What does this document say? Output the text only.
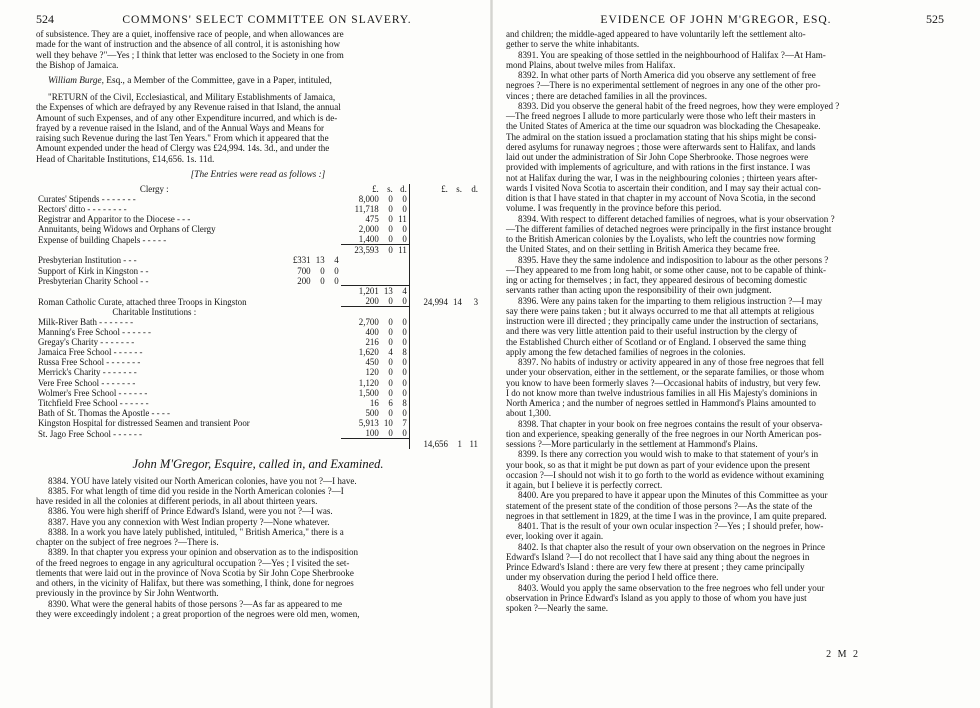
524	COMMONS' SELECT COMMITTEE ON SLAVERY.

of subsistence. They are a quiet, inoffensive race of people, and when allowances are

made for the want of instruction and the absence of all control, it is astonishing how

well they behave ?"—Yes ; I think that letter was enclosed to the Society in one from

the Bishop of Jamaica.

William Burge, Esq., a Member of the Committee, gave in a Paper, intituled,

"RETURN of the Civil, Ecclesiastical, and Military Establishments of Jamaica,

the Expenses of which are defrayed by any Revenue raised in that Island, the annual

Amount of such Expenses, and of any other Expenditure incurred, and which is de-

frayed by a revenue raised in the Island, and of the Annual Ways and Means for

raising such Revenue during the last Ten Years." From which it appeared that the

Amount expended under the head of Clergy was £24,994. 14s. 3d., and under the

Head of Charitable Institutions, £14,656. 1s. 11d.

[The Entries were read as follows :]
Clergy :				£.	s.	d.	£.	s.	d.
Curates' Stipends - - - - - - -				8,000	0	0			
Rectors' ditto - - - - - - - -				11,718	0	0			
Registrar and Apparitor to the Diocese - - -				475	0	11			
Annuitants, being Widows and Orphans of Clergy				2,000	0	0			
Expense of building Chapels - - - - -				1,400	0	0			
				23,593	0	11			
Presbyterian Institution - - -	£331	13	4						
Support of Kirk in Kingston - -	700	0	0						
Presbyterian Charity School - -	200	0	0						
				1,201	13	4			
Roman Catholic Curate, attached three Troops in Kingston				200	0	0	24,994	14	3
Charitable Institutions :									
Milk-River Bath - - - - - - -				2,700	0	0			
Manning's Free School - - - - - -				400	0	0			
Gregay's Charity - - - - - - -				216	0	0			
Jamaica Free School - - - - - -				1,620	4	8			
Russa Free School - - - - - - -				450	0	0			
Merrick's Charity - - - - - - -				120	0	0			
Vere Free School - - - - - - -				1,120	0	0			
Wolmer's Free School - - - - - -				1,500	0	0			
Titchfield Free School - - - - - -				16	6	8			
Bath of St. Thomas the Apostle - - - -				500	0	0			
Kingston Hospital for distressed Seamen and transient Poor				5,913	10	7			
St. Jago Free School - - - - - -				100	0	0			
							14,656	1	11
John M'Gregor, Esquire, called in, and Examined.

8384. YOU have lately visited our North American colonies, have you not ?—I have.

8385. For what length of time did you reside in the North American colonies ?—I

have resided in all the colonies at different periods, in all about thirteen years.

8386. You were high sheriff of Prince Edward's Island, were you not ?—I was.

8387. Have you any connexion with West Indian property ?—None whatever.

8388. In a work you have lately published, intituled, " British America," there is a

chapter on the subject of free negroes ?—There is.

8389. In that chapter you express your opinion and observation as to the indisposition

of the freed negroes to engage in any agricultural occupation ?—Yes ; I visited the set-

tlements that were laid out in the province of Nova Scotia by Sir John Cope Sherbrooke

and others, in the vicinity of Halifax, but there was something, I think, done for negroes

previously in the province by Sir John Wentworth.

8390. What were the general habits of those persons ?—As far as appeared to me

they were exceedingly indolent ; a great proportion of the negroes were old men, women,

EVIDENCE OF JOHN M'GREGOR, ESQ.	525

and children; the middle-aged appeared to have voluntarily left the settlement alto-

gether to serve the white inhabitants.

8391. You are speaking of those settled in the neighbourhood of Halifax ?—At Ham-

mond Plains, about twelve miles from Halifax.

8392. In what other parts of North America did you observe any settlement of free

negroes ?—There is no experimental settlement of negroes in any one of the other pro-

vinces ; there are detached families in all the provinces.

8393. Did you observe the general habit of the freed negroes, how they were employed ?

—The freed negroes I allude to more particularly were those who left their masters in

the United States of America at the time our squadron was blockading the Chesapeake.

The admiral on the station issued a proclamation stating that his ships might be consi-

dered asylums for runaway negroes ; those were afterwards sent to Halifax, and lands

laid out under the administration of Sir John Cope Sherbrooke. Those negroes were

provided with implements of agriculture, and with rations in the first instance. I was

not at Halifax during the war, I was in the neighbouring colonies ; thirteen years after-

wards I visited Nova Scotia to ascertain their condition, and I may say their actual con-

dition is that I have stated in that chapter in my account of Nova Scotia, in the second

volume. I was frequently in the province before this period.

8394. With respect to different detached families of negroes, what is your observation ?

—The different families of detached negroes were principally in the first instance brought

to the British American colonies by the Loyalists, who left the countries now forming

the United States, and on their settling in British America they became free.

8395. Have they the same indolence and indisposition to labour as the other persons ?

—They appeared to me from long habit, or some other cause, not to be capable of think-

ing or acting for themselves ; in fact, they appeared desirous of becoming domestic

servants rather than acting upon the responsibility of their own judgment.

8396. Were any pains taken for the imparting to them religious instruction ?—I may

say there were pains taken ; but it always occurred to me that all attempts at religious

instruction were ill directed ; they principally came under the instruction of sectarians,

and there was very little attention paid to their useful instruction by the clergy of

the Established Church either of Scotland or of England. I observed the same thing

apply among the few detached families of negroes in the colonies.

8397. No habits of industry or activity appeared in any of those free negroes that fell

under your observation, either in the settlement, or the separate families, or those whom

you know to have been formerly slaves ?—Occasional habits of industry, but very few.

I do not know more than twelve industrious families in all His Majesty's dominions in

North America ; and the number of negroes settled in Hammond's Plains amounted to

about 1,300.

8398. That chapter in your book on free negroes contains the result of your observa-

tion and experience, speaking generally of the free negroes in our North American pos-

sessions ?—More particularly in the settlement at Hammond's Plains.

8399. Is there any correction you would wish to make to that statement of your's in

your book, so as that it might be put down as part of your evidence upon the present

occasion ?—I should not wish it to go forth to the world as evidence without examining

it again, but I believe it is perfectly correct.

8400. Are you prepared to have it appear upon the Minutes of this Committee as your

statement of the present state of the condition of those persons ?—As the state of the

negroes in that settlement in 1829, at the time I was in the province, I am quite prepared.

8401. That is the result of your own ocular inspection ?—Yes ; I should prefer, how-

ever, looking over it again.

8402. Is that chapter also the result of your own observation on the negroes in Prince

Edward's Island ?—I do not recollect that I have said any thing about the negroes in

Prince Edward's Island : there are very few there at present ; they came principally

under my observation during the period I held office there.

8403. Would you apply the same observation to the free negroes who fell under your

observation in Prince Edward's Island as you apply to those of whom you have just

spoken ?—Nearly the same.

2 M 2
